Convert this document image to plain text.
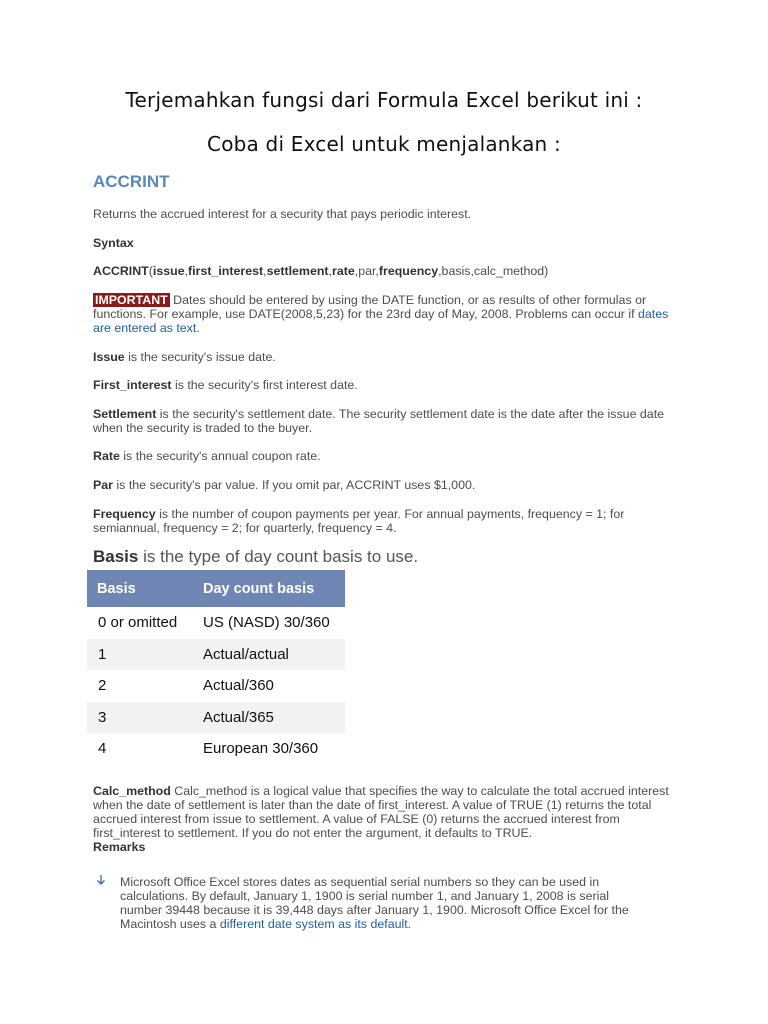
Terjemahkan fungsi dari Formula Excel berikut ini :
Coba di Excel untuk menjalankan :
ACCRINT
Returns the accrued interest for a security that pays periodic interest.
Syntax
ACCRINT(issue,first_interest,settlement,rate,par,frequency,basis,calc_method)
IMPORTANT Dates should be entered by using the DATE function, or as results of other formulas or functions. For example, use DATE(2008,5,23) for the 23rd day of May, 2008. Problems can occur if dates are entered as text.
Issue is the security's issue date.
First_interest is the security's first interest date.
Settlement is the security's settlement date. The security settlement date is the date after the issue date when the security is traded to the buyer.
Rate is the security's annual coupon rate.
Par is the security's par value. If you omit par, ACCRINT uses $1,000.
Frequency is the number of coupon payments per year. For annual payments, frequency = 1; for semiannual, frequency = 2; for quarterly, frequency = 4.
Basis is the type of day count basis to use.
Basis	Day count basis
0 or omitted	US (NASD) 30/360
1	Actual/actual
2	Actual/360
3	Actual/365
4	European 30/360
Calc_method Calc_method is a logical value that specifies the way to calculate the total accrued interest when the date of settlement is later than the date of first_interest. A value of TRUE (1) returns the total accrued interest from issue to settlement. A value of FALSE (0) returns the accrued interest from first_interest to settlement. If you do not enter the argument, it defaults to TRUE.
Remarks
Microsoft Office Excel stores dates as sequential serial numbers so they can be used in calculations. By default, January 1, 1900 is serial number 1, and January 1, 2008 is serial number 39448 because it is 39,448 days after January 1, 1900. Microsoft Office Excel for the Macintosh uses a different date system as its default.
